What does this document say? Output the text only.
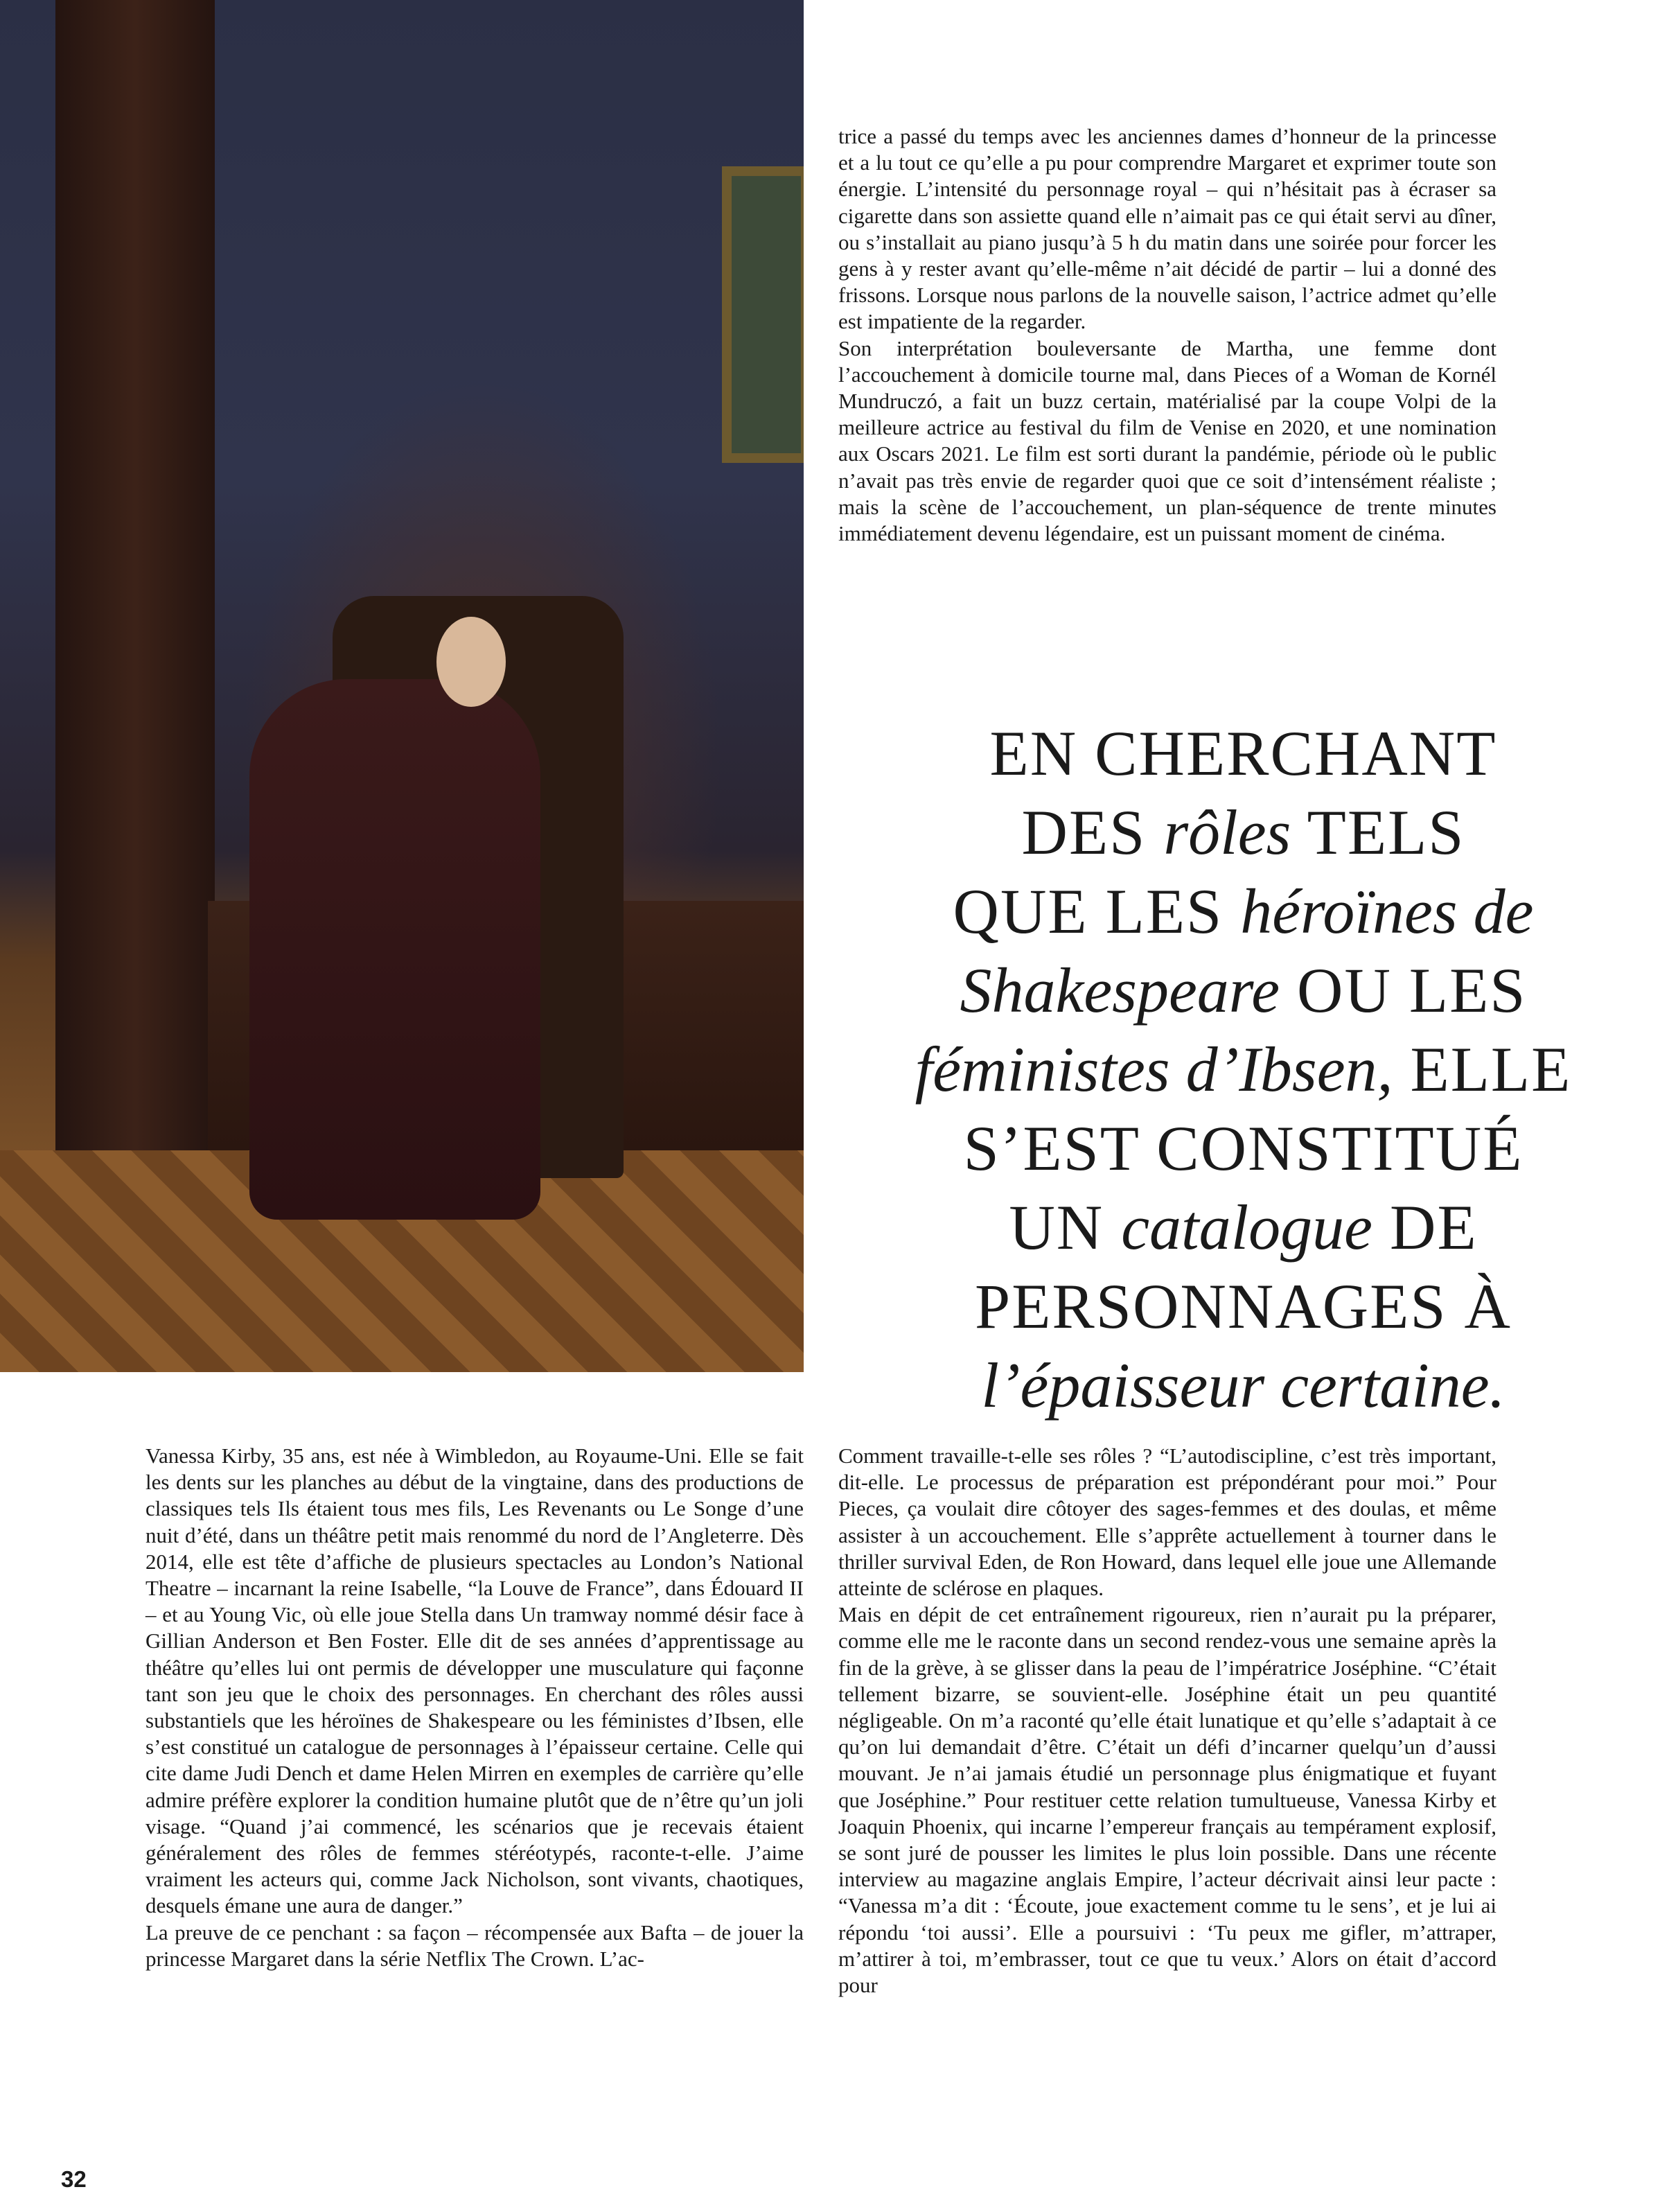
trice a passé du temps avec les anciennes dames d’honneur de la princesse et a lu tout ce qu’elle a pu pour comprendre Margaret et exprimer toute son énergie. L’intensité du personnage royal – qui n’hésitait pas à écraser sa cigarette dans son assiette quand elle n’aimait pas ce qui était servi au dîner, ou s’installait au piano jusqu’à 5 h du matin dans une soirée pour forcer les gens à y rester avant qu’elle-même n’ait décidé de partir – lui a donné des frissons. Lorsque nous parlons de la nouvelle saison, l’actrice admet qu’elle est impatiente de la regarder.

Son interprétation bouleversante de Martha, une femme dont l’accouchement à domicile tourne mal, dans Pieces of a Woman de Kornél Mundruczó, a fait un buzz certain, matérialisé par la coupe Volpi de la meilleure actrice au festival du film de Venise en 2020, et une nomination aux Oscars 2021. Le film est sorti durant la pandémie, période où le public n’avait pas très envie de regarder quoi que ce soit d’intensément réaliste ; mais la scène de l’accouchement, un plan-séquence de trente minutes immédiatement devenu légendaire, est un puissant moment de cinéma.

EN CHERCHANT
DES rôles TELS
QUE LES héroïnes de
Shakespeare OU LES
féministes d’Ibsen, ELLE
S’EST CONSTITUÉ
UN catalogue DE
PERSONNAGES À
l’épaisseur certaine.

Vanessa Kirby, 35 ans, est née à Wimbledon, au Royaume-Uni. Elle se fait les dents sur les planches au début de la vingtaine, dans des productions de classiques tels Ils étaient tous mes fils, Les Revenants ou Le Songe d’une nuit d’été, dans un théâtre petit mais renommé du nord de l’Angleterre. Dès 2014, elle est tête d’affiche de plusieurs spectacles au London’s National Theatre – incarnant la reine Isabelle, “la Louve de France”, dans Édouard II – et au Young Vic, où elle joue Stella dans Un tramway nommé désir face à Gillian Anderson et Ben Foster. Elle dit de ses années d’apprentissage au théâtre qu’elles lui ont permis de développer une musculature qui façonne tant son jeu que le choix des personnages. En cherchant des rôles aussi substantiels que les héroïnes de Shakespeare ou les féministes d’Ibsen, elle s’est constitué un catalogue de personnages à l’épaisseur certaine. Celle qui cite dame Judi Dench et dame Helen Mirren en exemples de carrière qu’elle admire préfère explorer la condition humaine plutôt que de n’être qu’un joli visage. “Quand j’ai commencé, les scénarios que je recevais étaient généralement des rôles de femmes stéréotypés, raconte-t-elle. J’aime vraiment les acteurs qui, comme Jack Nicholson, sont vivants, chaotiques, desquels émane une aura de danger.”

La preuve de ce penchant : sa façon – récompensée aux Bafta – de jouer la princesse Margaret dans la série Netflix The Crown. L’ac-

Comment travaille-t-elle ses rôles ? “L’autodiscipline, c’est très important, dit-elle. Le processus de préparation est prépondérant pour moi.” Pour Pieces, ça voulait dire côtoyer des sages-femmes et des doulas, et même assister à un accouchement. Elle s’apprête actuellement à tourner dans le thriller survival Eden, de Ron Howard, dans lequel elle joue une Allemande atteinte de sclérose en plaques.

Mais en dépit de cet entraînement rigoureux, rien n’aurait pu la préparer, comme elle me le raconte dans un second rendez-vous une semaine après la fin de la grève, à se glisser dans la peau de l’impératrice Joséphine. “C’était tellement bizarre, se souvient-elle. Joséphine était un peu quantité négligeable. On m’a raconté qu’elle était lunatique et qu’elle s’adaptait à ce qu’on lui demandait d’être. C’était un défi d’incarner quelqu’un d’aussi mouvant. Je n’ai jamais étudié un personnage plus énigmatique et fuyant que Joséphine.” Pour restituer cette relation tumultueuse, Vanessa Kirby et Joaquin Phoenix, qui incarne l’empereur français au tempérament explosif, se sont juré de pousser les limites le plus loin possible. Dans une récente interview au magazine anglais Empire, l’acteur décrivait ainsi leur pacte : “Vanessa m’a dit : ‘Écoute, joue exactement comme tu le sens’, et je lui ai répondu ‘toi aussi’. Elle a poursuivi : ‘Tu peux me gifler, m’attraper, m’attirer à toi, m’embrasser, tout ce que tu veux.’ Alors on était d’accord pour

32
